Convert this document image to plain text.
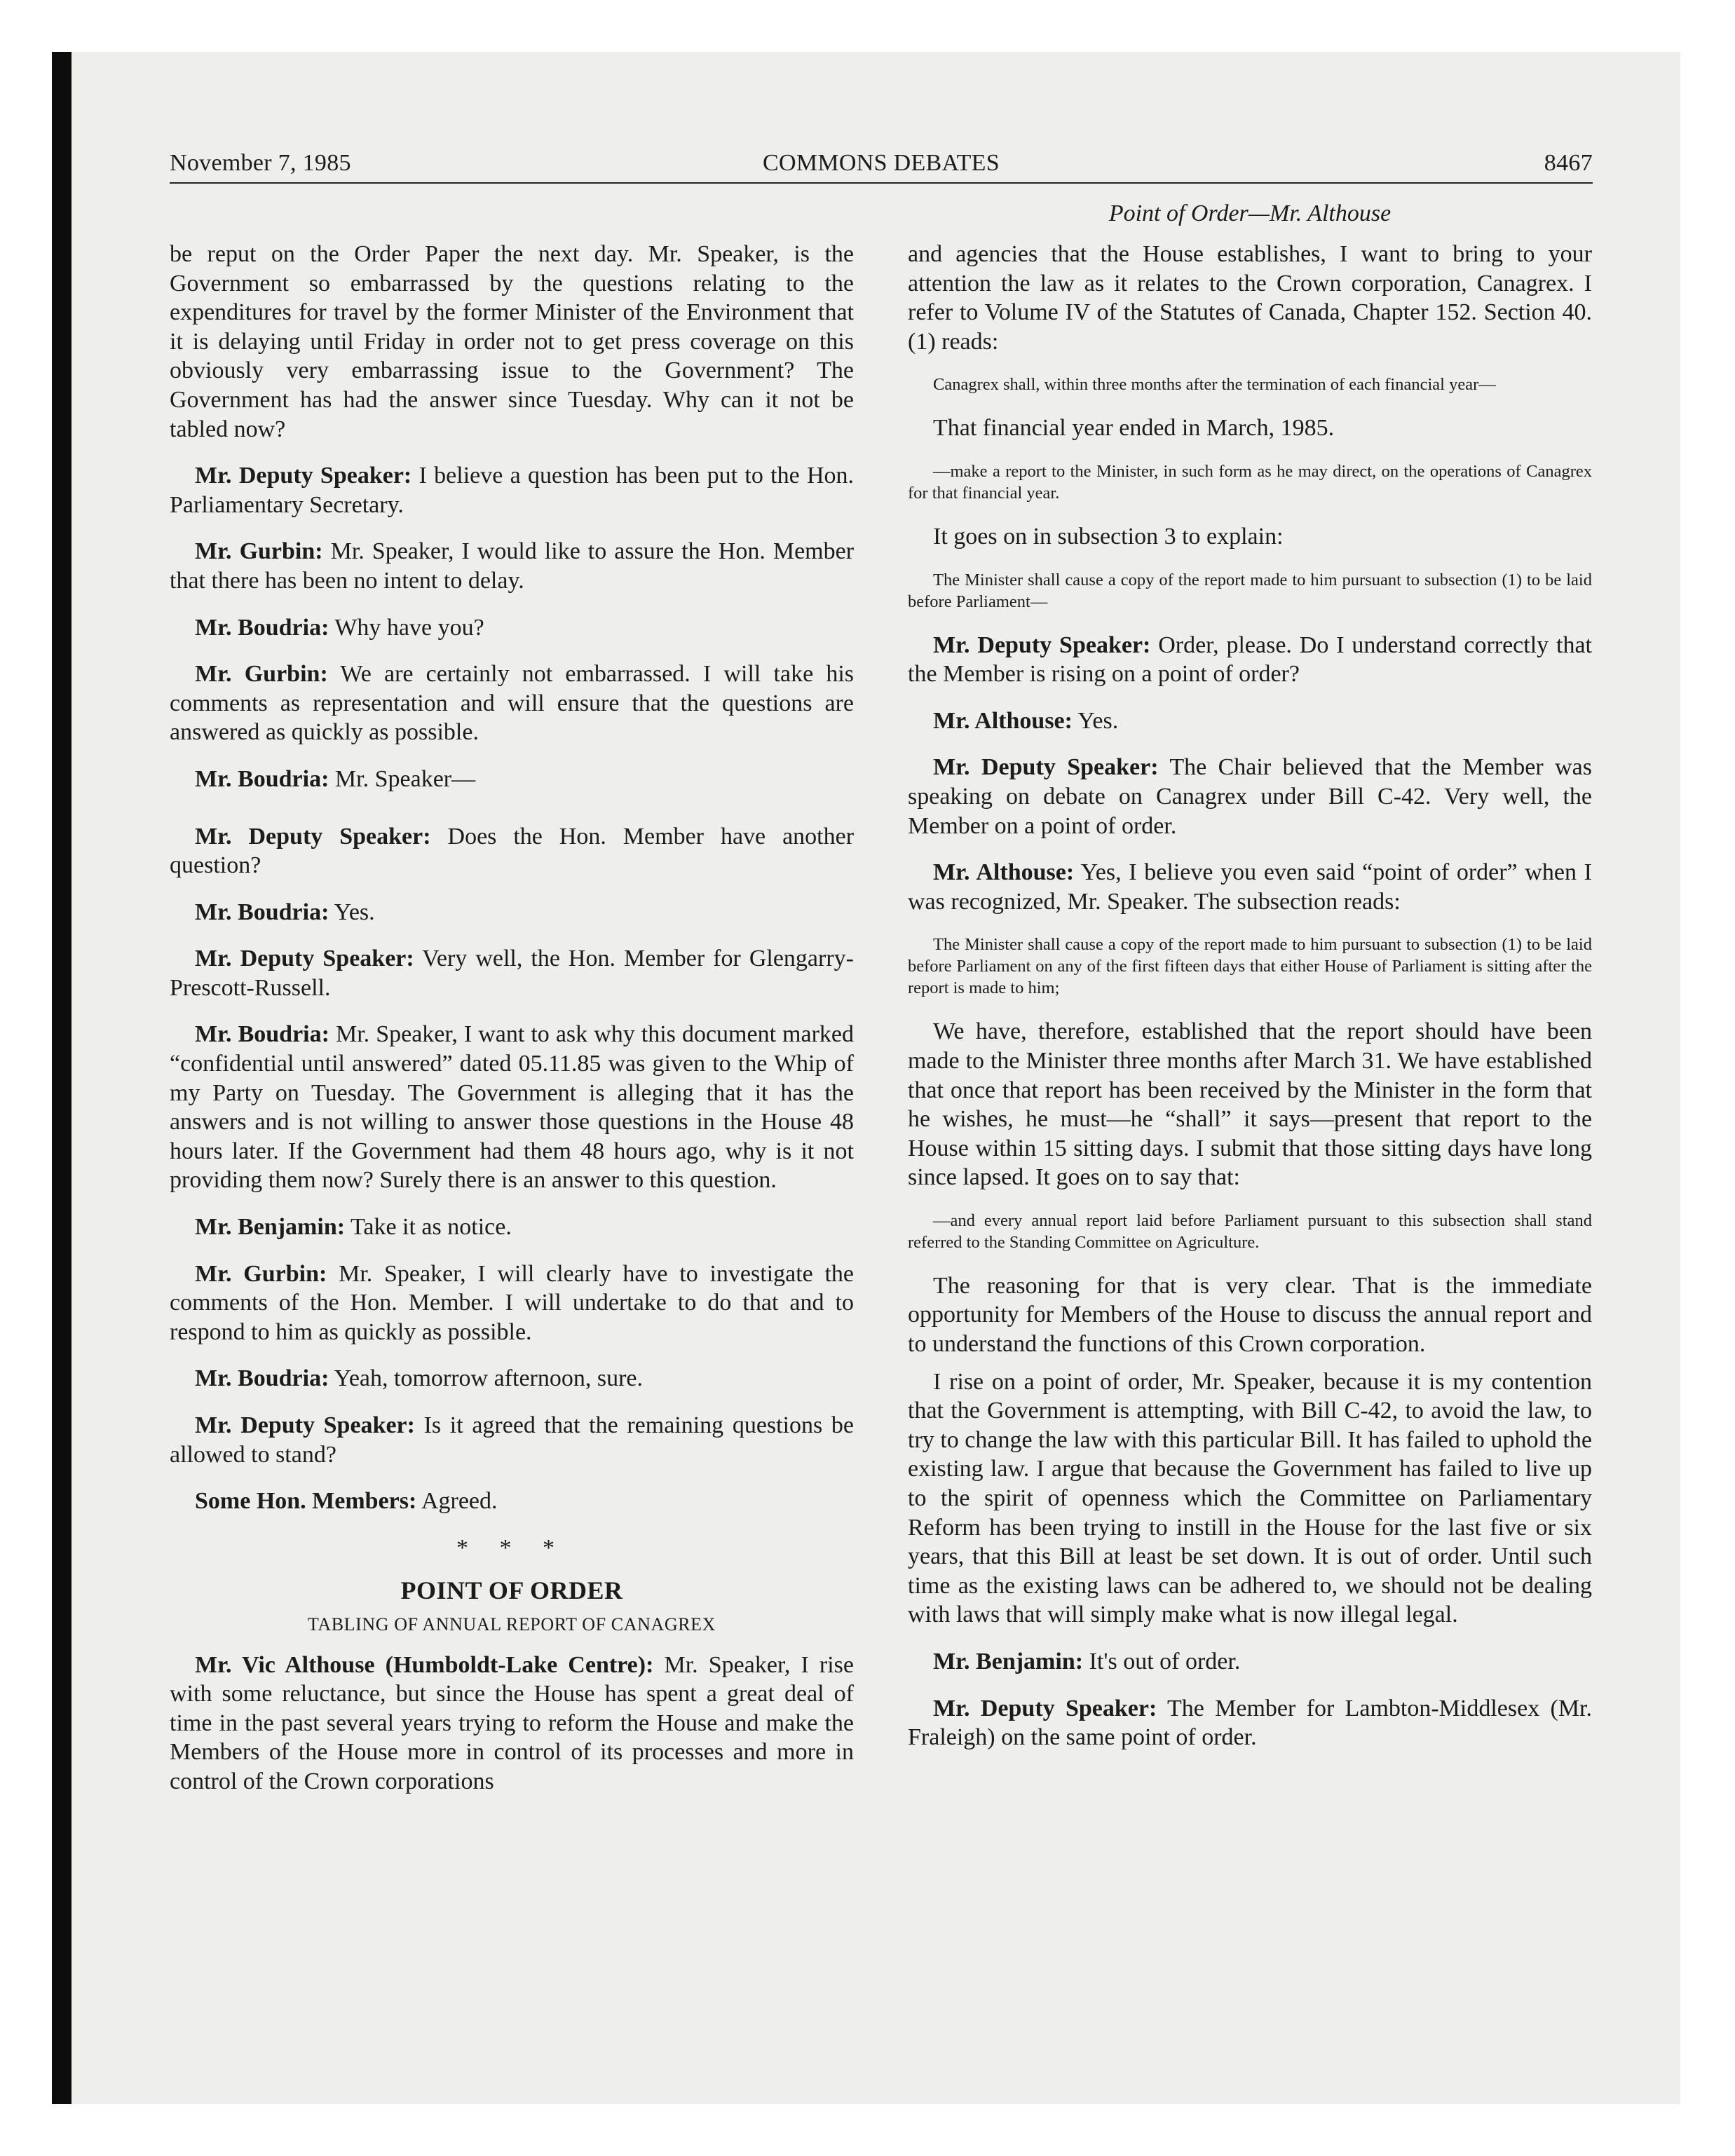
November 7, 1985	COMMONS DEBATES	8467
Point of Order—Mr. Althouse

be reput on the Order Paper the next day. Mr. Speaker, is the Government so embarrassed by the questions relating to the expenditures for travel by the former Minister of the Environment that it is delaying until Friday in order not to get press coverage on this obviously very embarrassing issue to the Government? The Government has had the answer since Tuesday. Why can it not be tabled now?

Mr. Deputy Speaker: I believe a question has been put to the Hon. Parliamentary Secretary.

Mr. Gurbin: Mr. Speaker, I would like to assure the Hon. Member that there has been no intent to delay.

Mr. Boudria: Why have you?

Mr. Gurbin: We are certainly not embarrassed. I will take his comments as representation and will ensure that the questions are answered as quickly as possible.

Mr. Boudria: Mr. Speaker—

Mr. Deputy Speaker: Does the Hon. Member have another question?

Mr. Boudria: Yes.

Mr. Deputy Speaker: Very well, the Hon. Member for Glengarry-Prescott-Russell.

Mr. Boudria: Mr. Speaker, I want to ask why this document marked “confidential until answered” dated 05.11.85 was given to the Whip of my Party on Tuesday. The Government is alleging that it has the answers and is not willing to answer those questions in the House 48 hours later. If the Government had them 48 hours ago, why is it not providing them now? Surely there is an answer to this question.

Mr. Benjamin: Take it as notice.

Mr. Gurbin: Mr. Speaker, I will clearly have to investigate the comments of the Hon. Member. I will undertake to do that and to respond to him as quickly as possible.

Mr. Boudria: Yeah, tomorrow afternoon, sure.

Mr. Deputy Speaker: Is it agreed that the remaining questions be allowed to stand?

Some Hon. Members: Agreed.

* * *
POINT OF ORDER
TABLING OF ANNUAL REPORT OF CANAGREX

Mr. Vic Althouse (Humboldt-Lake Centre): Mr. Speaker, I rise with some reluctance, but since the House has spent a great deal of time in the past several years trying to reform the House and make the Members of the House more in control of its processes and more in control of the Crown corporations

and agencies that the House establishes, I want to bring to your attention the law as it relates to the Crown corporation, Canagrex. I refer to Volume IV of the Statutes of Canada, Chapter 152. Section 40.(1) reads:

Canagrex shall, within three months after the termination of each financial year—

That financial year ended in March, 1985.

—make a report to the Minister, in such form as he may direct, on the operations of Canagrex for that financial year.

It goes on in subsection 3 to explain:

The Minister shall cause a copy of the report made to him pursuant to subsection (1) to be laid before Parliament—

Mr. Deputy Speaker: Order, please. Do I understand correctly that the Member is rising on a point of order?

Mr. Althouse: Yes.

Mr. Deputy Speaker: The Chair believed that the Member was speaking on debate on Canagrex under Bill C-42. Very well, the Member on a point of order.

Mr. Althouse: Yes, I believe you even said “point of order” when I was recognized, Mr. Speaker. The subsection reads:

The Minister shall cause a copy of the report made to him pursuant to subsection (1) to be laid before Parliament on any of the first fifteen days that either House of Parliament is sitting after the report is made to him;

We have, therefore, established that the report should have been made to the Minister three months after March 31. We have established that once that report has been received by the Minister in the form that he wishes, he must—he “shall” it says—present that report to the House within 15 sitting days. I submit that those sitting days have long since lapsed. It goes on to say that:

—and every annual report laid before Parliament pursuant to this subsection shall stand referred to the Standing Committee on Agriculture.

The reasoning for that is very clear. That is the immediate opportunity for Members of the House to discuss the annual report and to understand the functions of this Crown corporation.

I rise on a point of order, Mr. Speaker, because it is my contention that the Government is attempting, with Bill C-42, to avoid the law, to try to change the law with this particular Bill. It has failed to uphold the existing law. I argue that because the Government has failed to live up to the spirit of openness which the Committee on Parliamentary Reform has been trying to instill in the House for the last five or six years, that this Bill at least be set down. It is out of order. Until such time as the existing laws can be adhered to, we should not be dealing with laws that will simply make what is now illegal legal.

Mr. Benjamin: It's out of order.

Mr. Deputy Speaker: The Member for Lambton-Middlesex (Mr. Fraleigh) on the same point of order.
